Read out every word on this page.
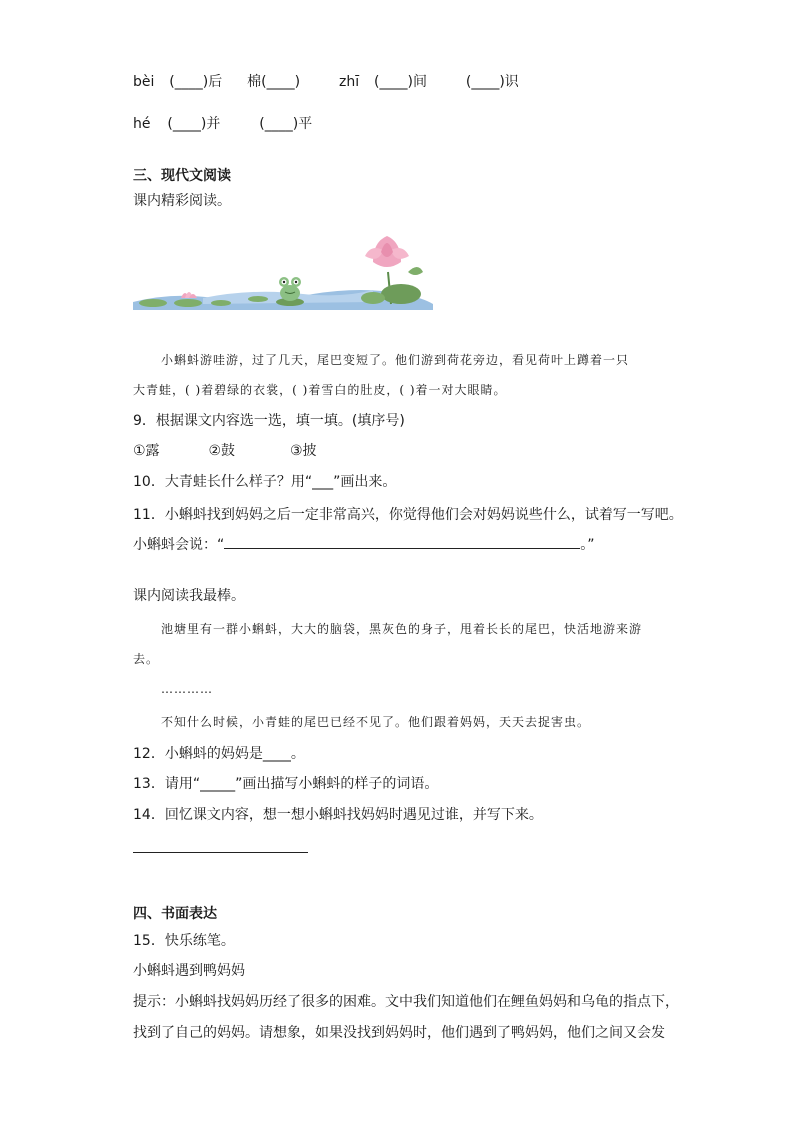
bèi (____)后 棉(____)	zhī (____)间	(____)识
hé (____)并	(____)平
三、现代文阅读
课内精彩阅读。
小蝌蚪游哇游，过了几天，尾巴变短了。他们游到荷花旁边，看见荷叶上蹲着一只
大青蛙，( )着碧绿的衣裳，( )着雪白的肚皮，( )着一对大眼睛。
9．根据课文内容选一选，填一填。(填序号)
①露	②鼓	③披
10．大青蛙长什么样子？用“___”画出来。
11．小蝌蚪找到妈妈之后一定非常高兴，你觉得他们会对妈妈说些什么，试着写一写吧。
小蝌蚪会说：“	。”
课内阅读我最棒。
池塘里有一群小蝌蚪，大大的脑袋，黑灰色的身子，甩着长长的尾巴，快活地游来游
去。
…………
不知什么时候，小青蛙的尾巴已经不见了。他们跟着妈妈，天天去捉害虫。
12．小蝌蚪的妈妈是____。
13．请用“_____”画出描写小蝌蚪的样子的词语。
14．回忆课文内容，想一想小蝌蚪找妈妈时遇见过谁，并写下来。
四、书面表达
15．快乐练笔。
小蝌蚪遇到鸭妈妈
提示：小蝌蚪找妈妈历经了很多的困难。文中我们知道他们在鲤鱼妈妈和乌龟的指点下，
找到了自己的妈妈。请想象，如果没找到妈妈时，他们遇到了鸭妈妈，他们之间又会发
